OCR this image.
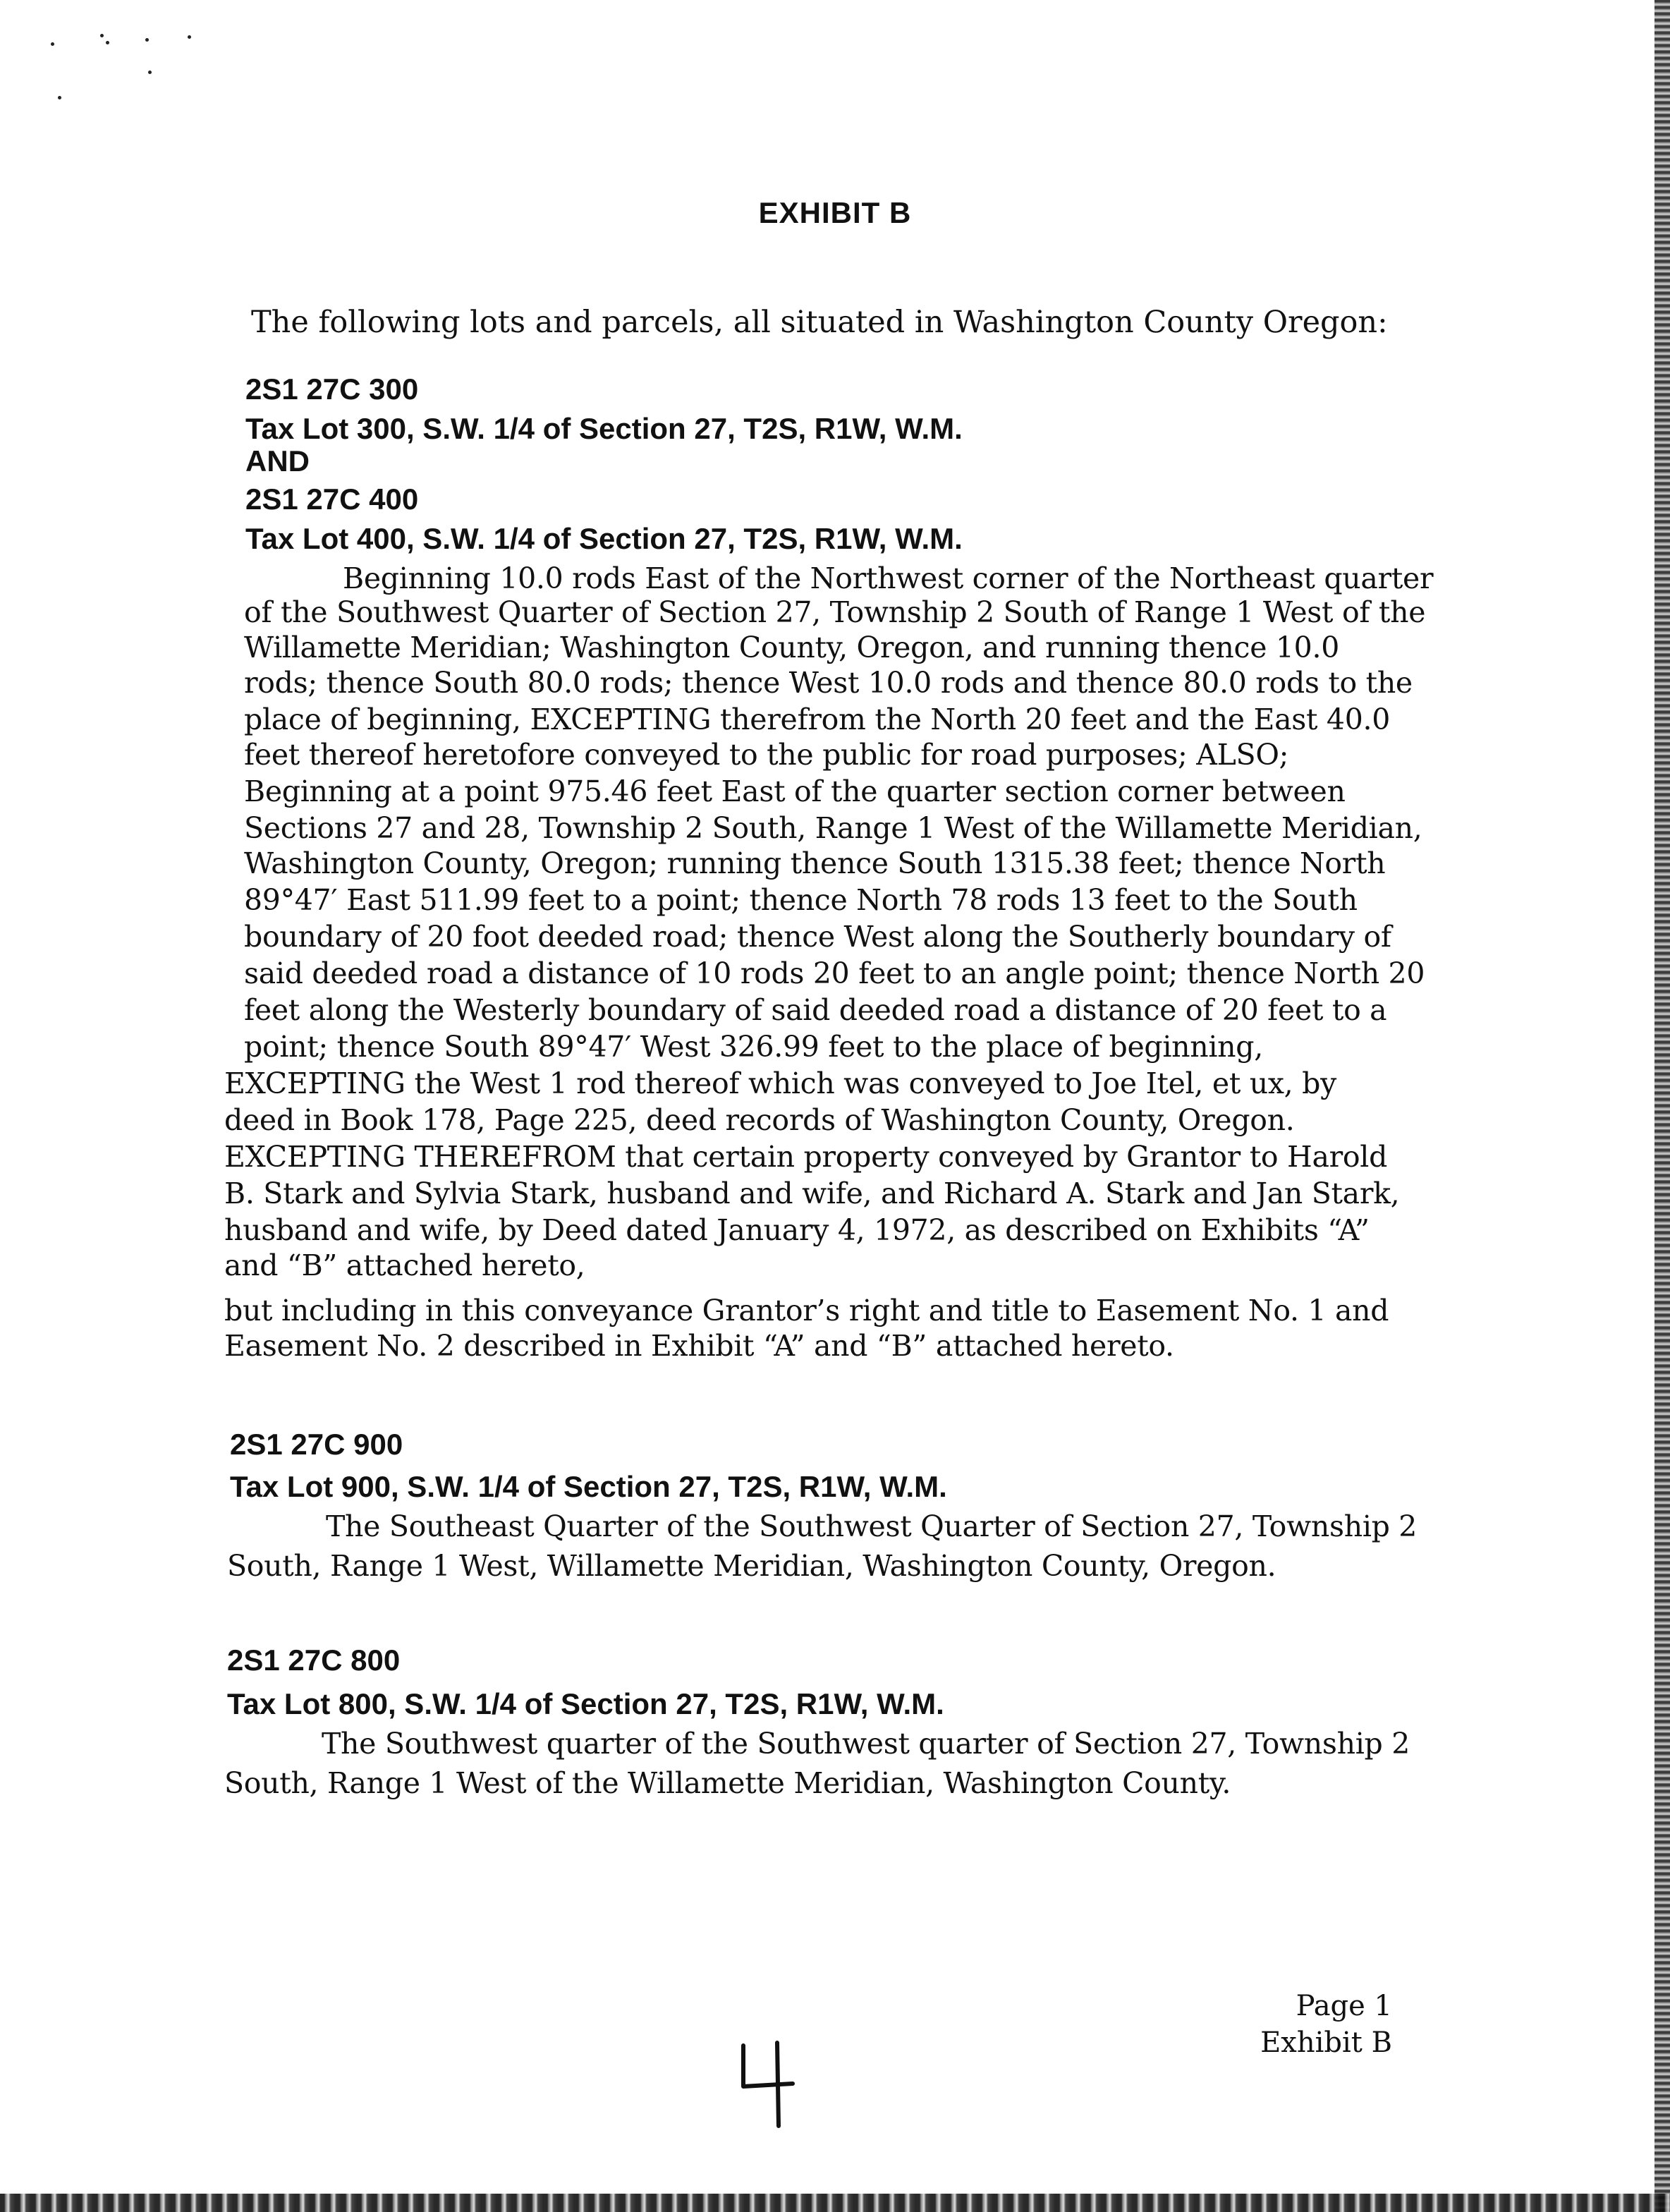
EXHIBIT B
The following lots and parcels, all situated in Washington County Oregon:
2S1 27C 300
Tax Lot 300, S.W. 1/4 of Section 27, T2S, R1W, W.M.
AND
2S1 27C 400
Tax Lot 400, S.W. 1/4 of Section 27, T2S, R1W, W.M.
Beginning 10.0 rods East of the Northwest corner of the Northeast quarter
of the Southwest Quarter of Section 27, Township 2 South of Range 1 West of the
Willamette Meridian; Washington County, Oregon, and running thence 10.0
rods; thence South 80.0 rods; thence West 10.0 rods and thence 80.0 rods to the
place of beginning, EXCEPTING therefrom the North 20 feet and the East 40.0
feet thereof heretofore conveyed to the public for road purposes; ALSO;
Beginning at a point 975.46 feet East of the quarter section corner between
Sections 27 and 28, Township 2 South, Range 1 West of the Willamette Meridian,
Washington County, Oregon; running thence South 1315.38 feet; thence North
89°47′ East 511.99 feet to a point; thence North 78 rods 13 feet to the South
boundary of 20 foot deeded road; thence West along the Southerly boundary of
said deeded road a distance of 10 rods 20 feet to an angle point; thence North 20
feet along the Westerly boundary of said deeded road a distance of 20 feet to a
point; thence South 89°47′ West 326.99 feet to the place of beginning,
EXCEPTING the West 1 rod thereof which was conveyed to Joe Itel, et ux, by
deed in Book 178, Page 225, deed records of Washington County, Oregon.
EXCEPTING THEREFROM that certain property conveyed by Grantor to Harold
B. Stark and Sylvia Stark, husband and wife, and Richard A. Stark and Jan Stark,
husband and wife, by Deed dated January 4, 1972, as described on Exhibits “A”
and “B” attached hereto,
but including in this conveyance Grantor’s right and title to Easement No. 1 and
Easement No. 2 described in Exhibit “A” and “B” attached hereto.
2S1 27C 900
Tax Lot 900, S.W. 1/4 of Section 27, T2S, R1W, W.M.
The Southeast Quarter of the Southwest Quarter of Section 27, Township 2
South, Range 1 West, Willamette Meridian, Washington County, Oregon.
2S1 27C 800
Tax Lot 800, S.W. 1/4 of Section 27, T2S, R1W, W.M.
The Southwest quarter of the Southwest quarter of Section 27, Township 2
South, Range 1 West of the Willamette Meridian, Washington County.
Page 1
Exhibit B
